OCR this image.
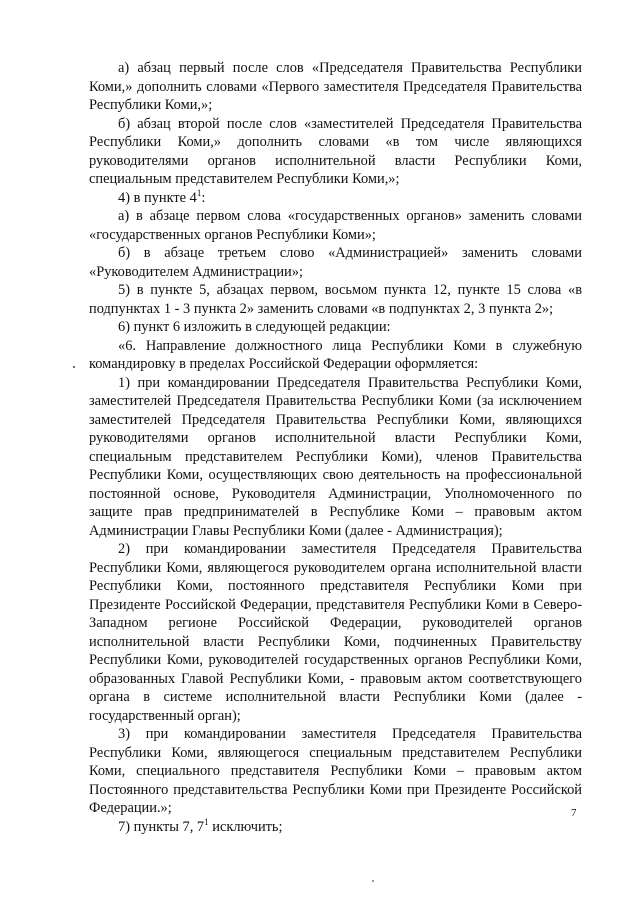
а) абзац первый после слов «Председателя Правительства Республики Коми,» дополнить словами «Первого заместителя Председателя Правительства Республики Коми,»;

б) абзац второй после слов «заместителей Председателя Правительства Республики Коми,» дополнить словами «в том числе являющихся руководителями органов исполнительной власти Республики Коми, специальным представителем Республики Коми,»;

4) в пункте $4^1$:

а) в абзаце первом слова «государственных органов» заменить словами «государственных органов Республики Коми»;

б) в абзаце третьем слово «Администрацией» заменить словами «Руководителем Администрации»;

5) в пункте 5, абзацах первом, восьмом пункта 12, пункте 15 слова «в подпунктах 1 - 3 пункта 2» заменить словами «в подпунктах 2, 3 пункта 2»;

6) пункт 6 изложить в следующей редакции:

«6. Направление должностного лица Республики Коми в служебную командировку в пределах Российской Федерации оформляется:

1) при командировании Председателя Правительства Республики Коми, заместителей Председателя Правительства Республики Коми (за исключением заместителей Председателя Правительства Республики Коми, являющихся руководителями органов исполнительной власти Республики Коми, специальным представителем Республики Коми), членов Правительства Республики Коми, осуществляющих свою деятельность на профессиональной постоянной основе, Руководителя Администрации, Уполномоченного по защите прав предпринимателей в Республике Коми – правовым актом Администрации Главы Республики Коми (далее - Администрация);

2) при командировании заместителя Председателя Правительства Республики Коми, являющегося руководителем органа исполнительной власти Республики Коми, постоянного представителя Республики Коми при Президенте Российской Федерации, представителя Республики Коми в Северо-Западном регионе Российской Федерации, руководителей органов исполнительной власти Республики Коми, подчиненных Правительству Республики Коми, руководителей государственных органов Республики Коми, образованных Главой Республики Коми, - правовым актом соответствующего органа в системе исполнительной власти Республики Коми (далее - государственный орган);

3) при командировании заместителя Председателя Правительства Республики Коми, являющегося специальным представителем Республики Коми, специального представителя Республики Коми – правовым актом Постоянного представительства Республики Коми при Президенте Российской Федерации.»;

7) пункты 7, $7^1$ исключить;

7
